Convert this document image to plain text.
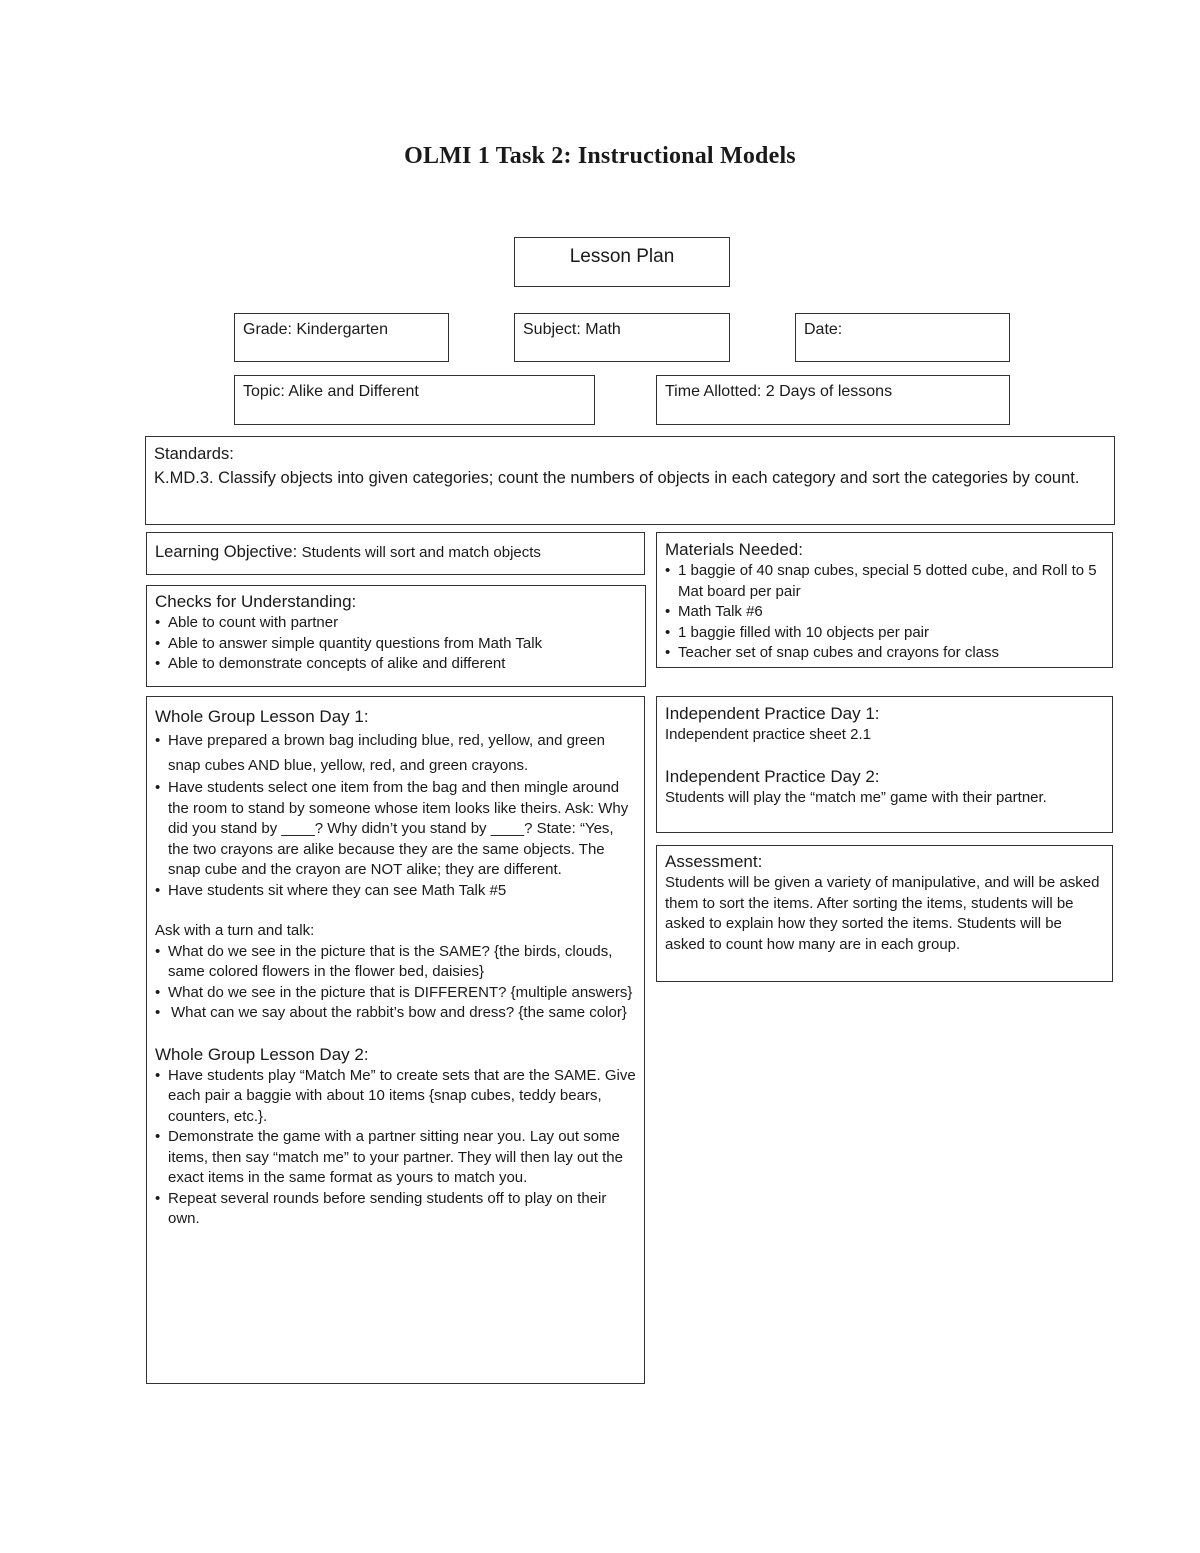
OLMI 1 Task 2: Instructional Models
Lesson Plan
Grade: Kindergarten	Subject: Math	Date:
Topic: Alike and Different	Time Allotted: 2 Days of lessons
Standards:
K.MD.3. Classify objects into given categories; count the numbers of objects in each category and sort the categories by count.
Learning Objective: Students will sort and match objects
Checks for Understanding:
• Able to count with partner
• Able to answer simple quantity questions from Math Talk
• Able to demonstrate concepts of alike and different
Materials Needed:
• 1 baggie of 40 snap cubes, special 5 dotted cube, and Roll to 5 Mat board per pair
• Math Talk #6
• 1 baggie filled with 10 objects per pair
• Teacher set of snap cubes and crayons for class
Whole Group Lesson Day 1:
• Have prepared a brown bag including blue, red, yellow, and green snap cubes AND blue, yellow, red, and green crayons.
• Have students select one item from the bag and then mingle around the room to stand by someone whose item looks like theirs. Ask: Why did you stand by ____? Why didn’t you stand by ____? State: “Yes, the two crayons are alike because they are the same objects. The snap cube and the crayon are NOT alike; they are different.
• Have students sit where they can see Math Talk #5
Ask with a turn and talk:
• What do we see in the picture that is the SAME? {the birds, clouds,
same colored flowers in the flower bed, daisies}
• What do we see in the picture that is DIFFERENT? {multiple answers}
• What can we say about the rabbit’s bow and dress? {the same color}
Whole Group Lesson Day 2:
• Have students play “Match Me” to create sets that are the SAME. Give each pair a baggie with about 10 items {snap cubes, teddy bears,
counters, etc.}.
• Demonstrate the game with a partner sitting near you. Lay out some items, then say “match me” to your partner. They will then lay out the exact items in the same format as yours to match you.
• Repeat several rounds before sending students off to play on their own.
Independent Practice Day 1:
Independent practice sheet 2.1
Independent Practice Day 2:
Students will play the “match me” game with their partner.
Assessment:
Students will be given a variety of manipulative, and will be asked them to sort the items. After sorting the items, students will be asked to explain how they sorted the items. Students will be asked to count how many are in each group.
